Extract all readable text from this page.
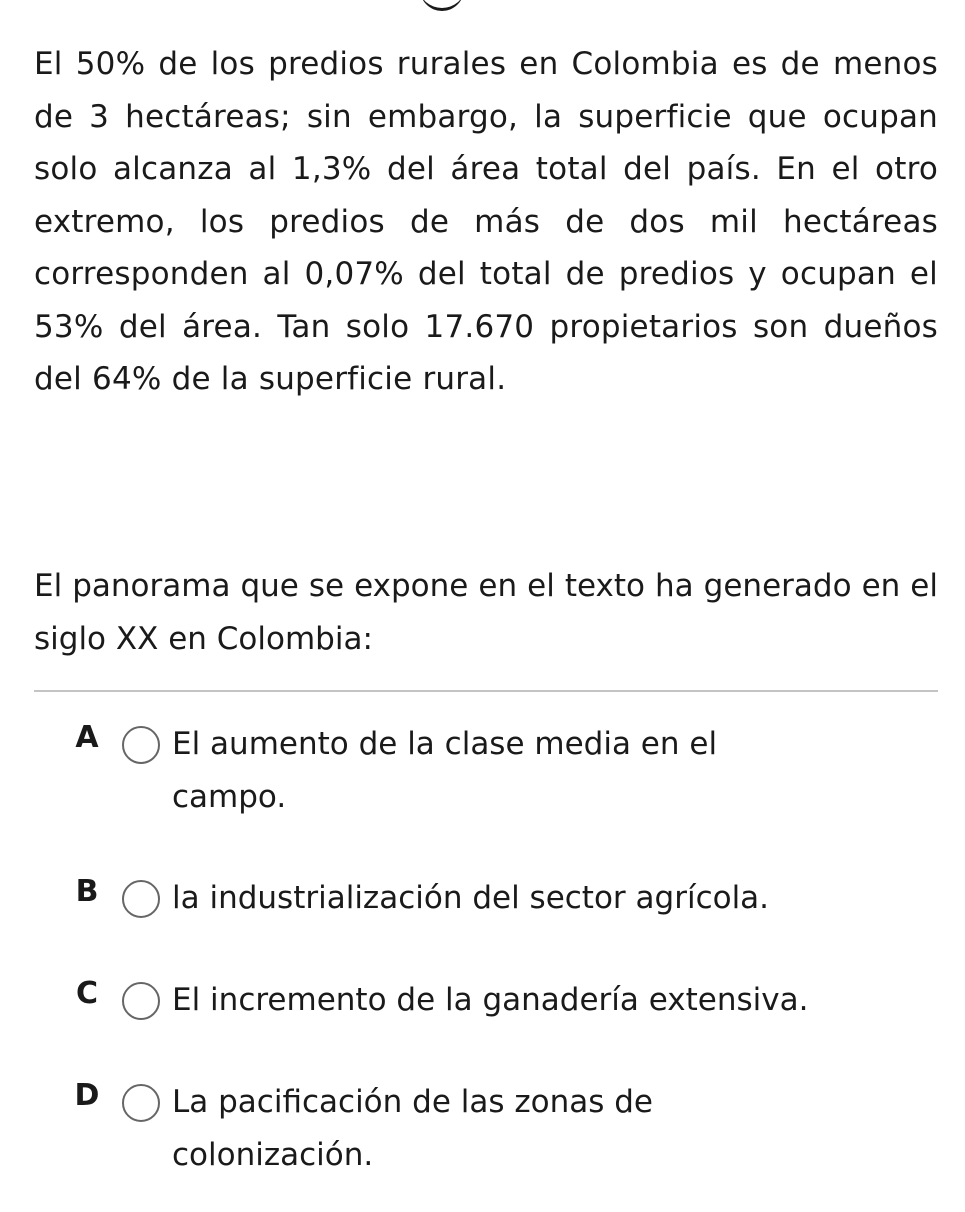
El 50% de los predios rurales en Colombia es de menos de 3 hectáreas; sin embargo, la superficie que ocupan solo alcanza al 1,3% del área total del país. En el otro extremo, los predios de más de dos mil hectáreas corresponden al 0,07% del total de predios y ocupan el 53% del área. Tan solo 17.670 propietarios son dueños del 64% de la superficie rural.

El panorama que se expone en el texto ha generado en el siglo XX en Colombia:

A El aumento de la clase media en el campo.
B la industrialización del sector agrícola.
C El incremento de la ganadería extensiva.
D La pacificación de las zonas de colonización.
